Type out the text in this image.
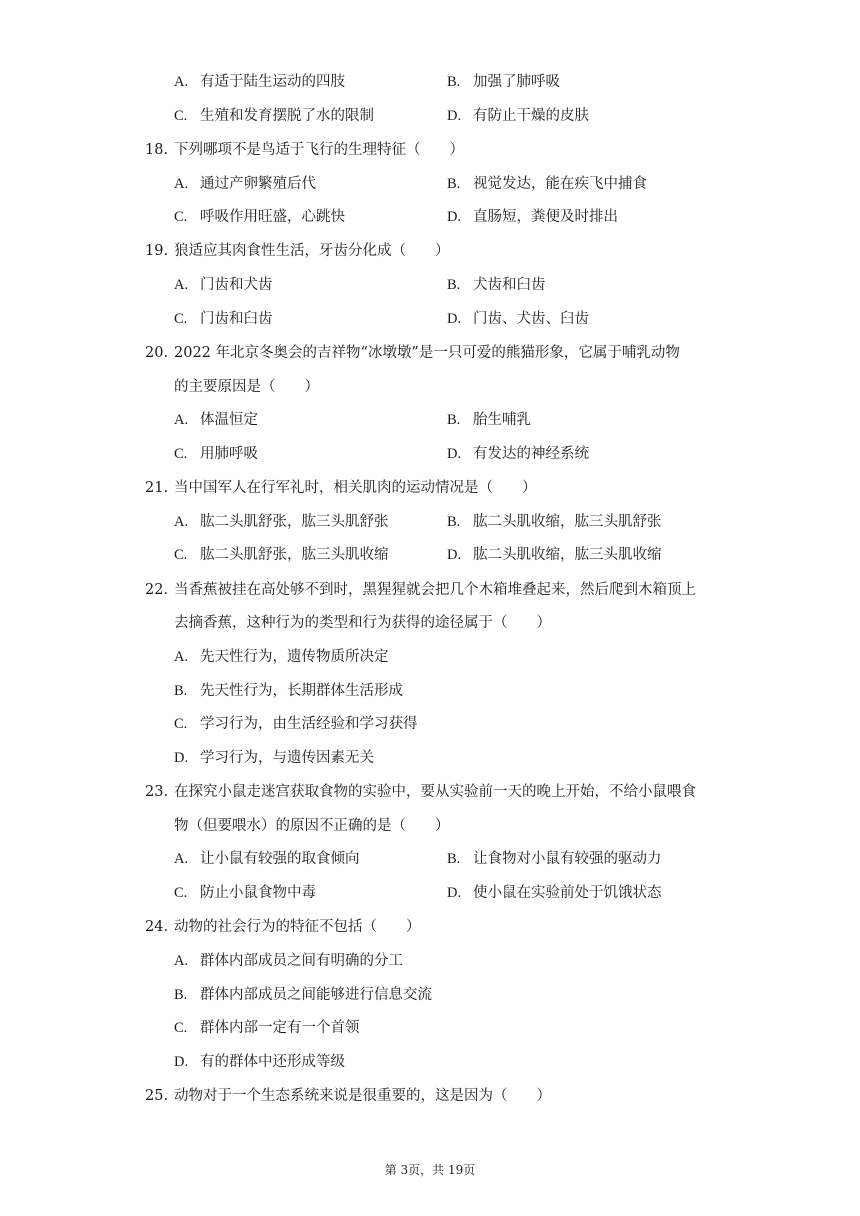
A. 有适于陆生运动的四肢	B. 加强了肺呼吸
C. 生殖和发育摆脱了水的限制	D. 有防止干燥的皮肤
18. 下列哪项不是鸟适于飞行的生理特征（　　）
A. 通过产卵繁殖后代	B. 视觉发达，能在疾飞中捕食
C. 呼吸作用旺盛，心跳快	D. 直肠短，粪便及时排出
19. 狼适应其肉食性生活，牙齿分化成（　　）
A. 门齿和犬齿	B. 犬齿和臼齿
C. 门齿和臼齿	D. 门齿、犬齿、臼齿
20. 2022 年北京冬奥会的吉祥物“冰墩墩”是一只可爱的熊猫形象，它属于哺乳动物
的主要原因是（　　）
A. 体温恒定	B. 胎生哺乳
C. 用肺呼吸	D. 有发达的神经系统
21. 当中国军人在行军礼时，相关肌肉的运动情况是（　　）
A. 肱二头肌舒张，肱三头肌舒张	B. 肱二头肌收缩，肱三头肌舒张
C. 肱二头肌舒张，肱三头肌收缩	D. 肱二头肌收缩，肱三头肌收缩
22. 当香蕉被挂在高处够不到时，黑猩猩就会把几个木箱堆叠起来，然后爬到木箱顶上
去摘香蕉，这种行为的类型和行为获得的途径属于（　　）
A. 先天性行为，遗传物质所决定
B. 先天性行为，长期群体生活形成
C. 学习行为，由生活经验和学习获得
D. 学习行为，与遗传因素无关
23. 在探究小鼠走迷宫获取食物的实验中，要从实验前一天的晚上开始，不给小鼠喂食
物（但要喂水）的原因不正确的是（　　）
A. 让小鼠有较强的取食倾向	B. 让食物对小鼠有较强的驱动力
C. 防止小鼠食物中毒	D. 使小鼠在实验前处于饥饿状态
24. 动物的社会行为的特征不包括（　　）
A. 群体内部成员之间有明确的分工
B. 群体内部成员之间能够进行信息交流
C. 群体内部一定有一个首领
D. 有的群体中还形成等级
25. 动物对于一个生态系统来说是很重要的，这是因为（　　）
第 3页，共 19页
